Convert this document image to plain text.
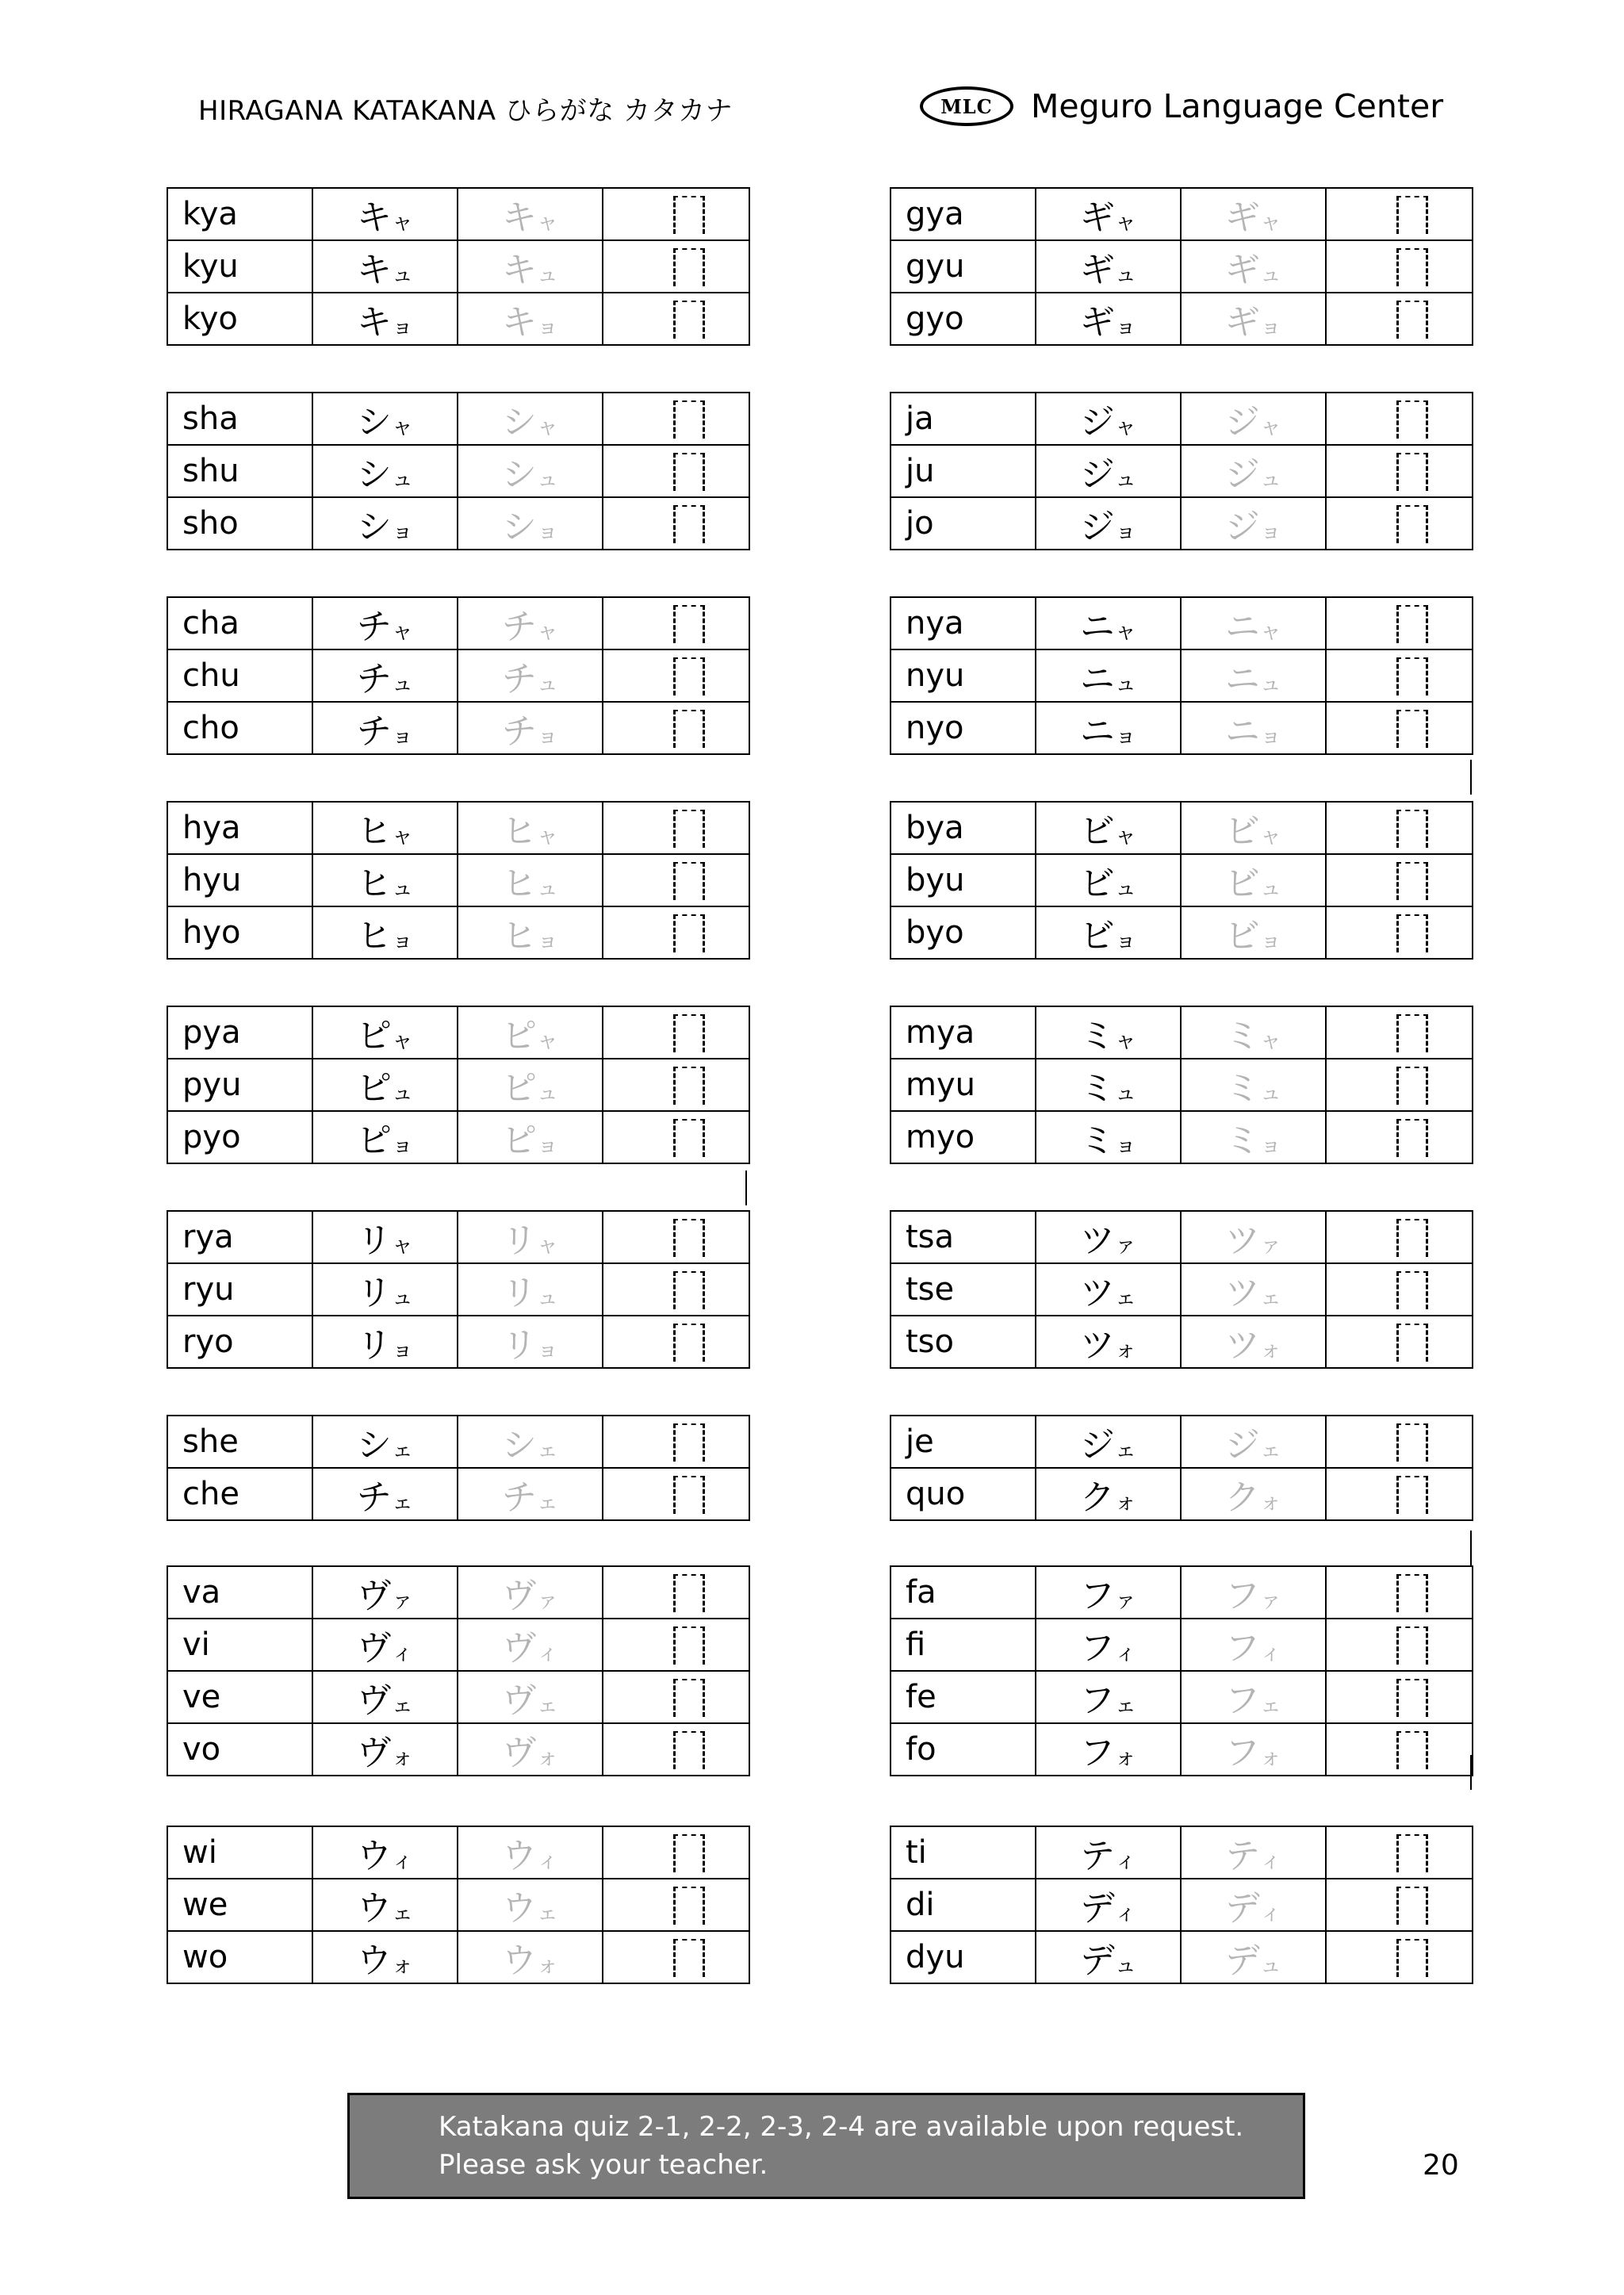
HIRAGANA KATAKANA ひらがな カタカナ	MLC	Meguro Language Center
kya	キャ	キャ	

kyu	キュ	キュ	

kyo	キョ	キョ	
sha	シャ	シャ	

shu	シュ	シュ	

sho	ショ	ショ	
cha	チャ	チャ	

chu	チュ	チュ	

cho	チョ	チョ	
hya	ヒャ	ヒャ	

hyu	ヒュ	ヒュ	

hyo	ヒョ	ヒョ	
pya	ピャ	ピャ	

pyu	ピュ	ピュ	

pyo	ピョ	ピョ	
rya	リャ	リャ	

ryu	リュ	リュ	

ryo	リョ	リョ	
she	シェ	シェ	

che	チェ	チェ	
va	ヴァ	ヴァ	

vi	ヴィ	ヴィ	

ve	ヴェ	ヴェ	

vo	ヴォ	ヴォ	
wi	ウィ	ウィ	

we	ウェ	ウェ	

wo	ウォ	ウォ	
gya	ギャ	ギャ	

gyu	ギュ	ギュ	

gyo	ギョ	ギョ	
ja	ジャ	ジャ	

ju	ジュ	ジュ	

jo	ジョ	ジョ	
nya	ニャ	ニャ	

nyu	ニュ	ニュ	

nyo	ニョ	ニョ	
bya	ビャ	ビャ	

byu	ビュ	ビュ	

byo	ビョ	ビョ	
mya	ミャ	ミャ	

myu	ミュ	ミュ	

myo	ミョ	ミョ	
tsa	ツァ	ツァ	

tse	ツェ	ツェ	

tso	ツォ	ツォ	
je	ジェ	ジェ	

quo	クォ	クォ	
fa	ファ	ファ	

fi	フィ	フィ	

fe	フェ	フェ	

fo	フォ	フォ	
ti	ティ	ティ	

di	ディ	ディ	

dyu	デュ	デュ	
Katakana quiz 2-1, 2-2, 2-3, 2-4 are available upon request.
Please ask your teacher.	20
